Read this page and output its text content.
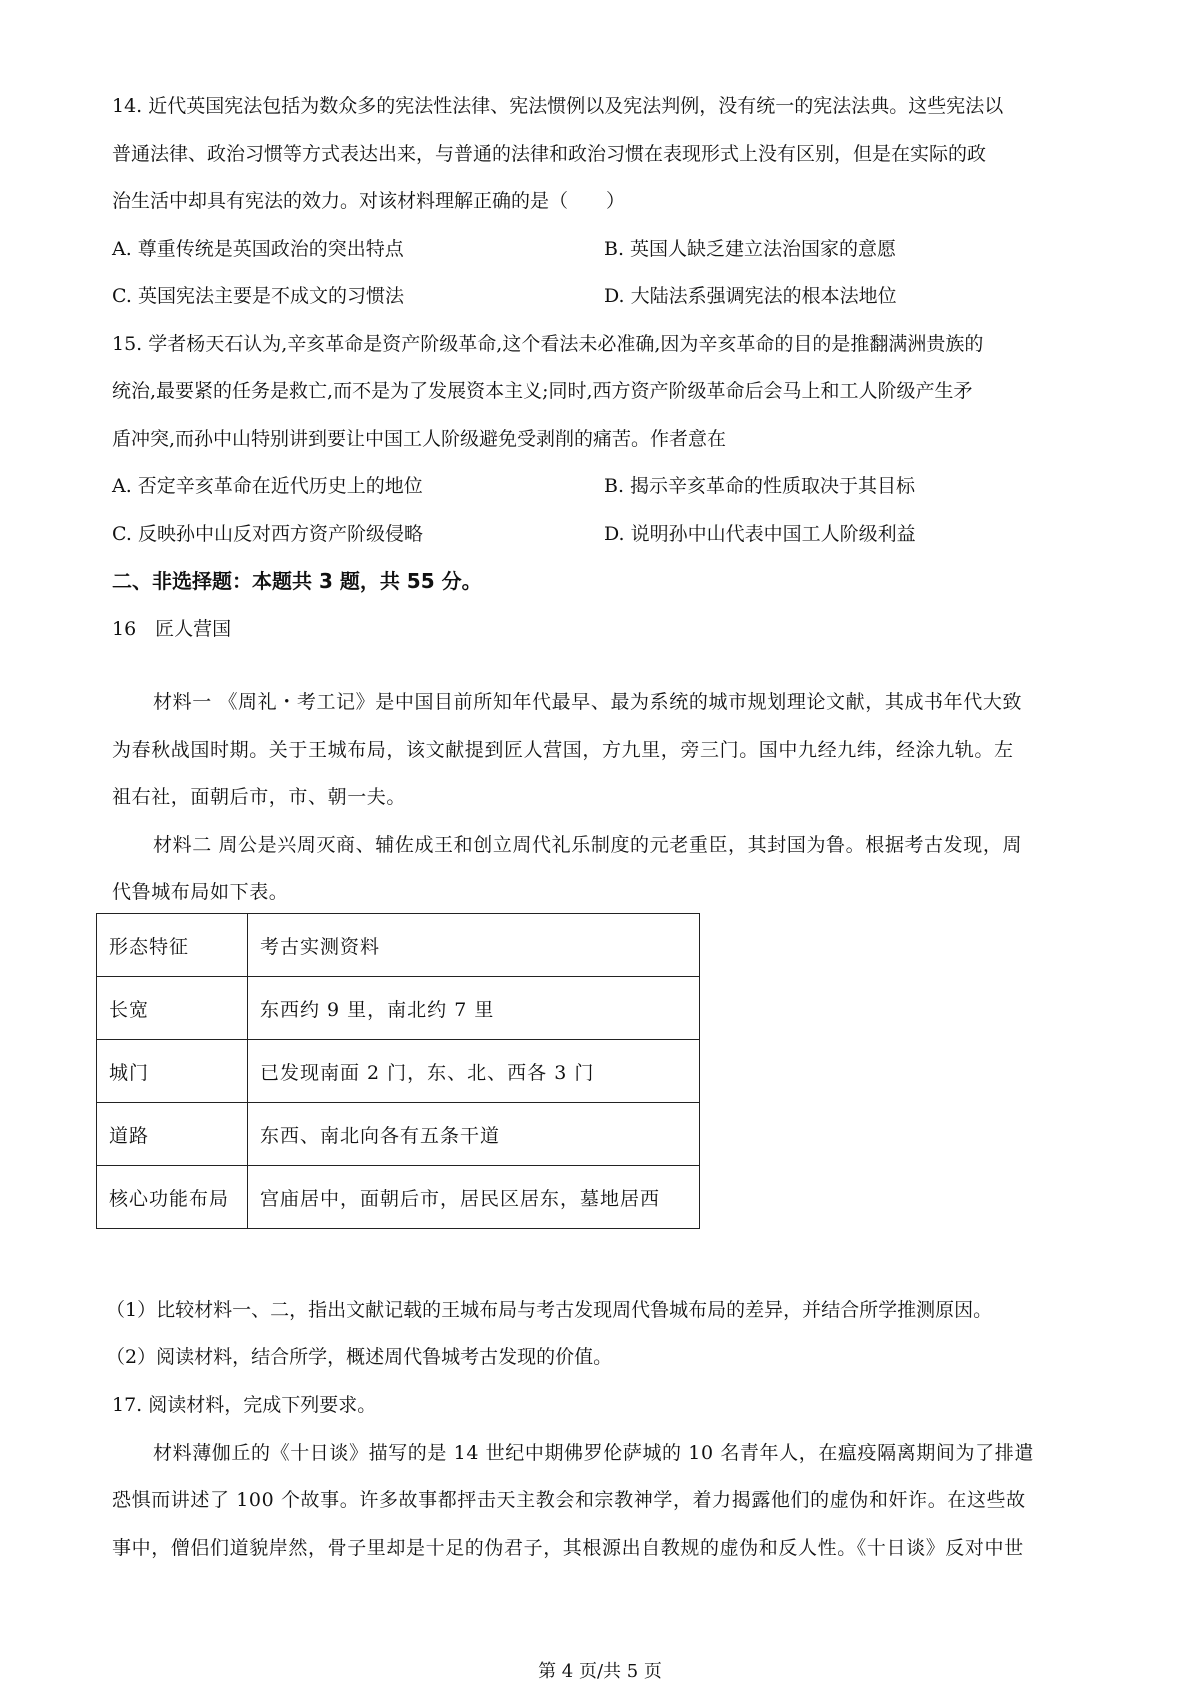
14. 近代英国宪法包括为数众多的宪法性法律、宪法惯例以及宪法判例，没有统一的宪法法典。这些宪法以
普通法律、政治习惯等方式表达出来，与普通的法律和政治习惯在表现形式上没有区别，但是在实际的政
治生活中却具有宪法的效力。对该材料理解正确的是（　　）
A. 尊重传统是英国政治的突出特点	B. 英国人缺乏建立法治国家的意愿
C. 英国宪法主要是不成文的习惯法	D. 大陆法系强调宪法的根本法地位
15. 学者杨天石认为,辛亥革命是资产阶级革命,这个看法未必准确,因为辛亥革命的目的是推翻满洲贵族的
统治,最要紧的任务是救亡,而不是为了发展资本主义;同时,西方资产阶级革命后会马上和工人阶级产生矛
盾冲突,而孙中山特别讲到要让中国工人阶级避免受剥削的痛苦。作者意在
A. 否定辛亥革命在近代历史上的地位	B. 揭示辛亥革命的性质取决于其目标
C. 反映孙中山反对西方资产阶级侵略	D. 说明孙中山代表中国工人阶级利益
二、非选择题：本题共 3 题，共 55 分。
16　匠人营国
材料一 《周礼・考工记》是中国目前所知年代最早、最为系统的城市规划理论文献，其成书年代大致
为春秋战国时期。关于王城布局，该文献提到匠人营国，方九里，旁三门。国中九经九纬，经涂九轨。左
祖右社，面朝后市，市、朝一夫。
材料二 周公是兴周灭商、辅佐成王和创立周代礼乐制度的元老重臣，其封国为鲁。根据考古发现，周
代鲁城布局如下表。
形态特征	考古实测资料
长宽	东西约 9 里，南北约 7 里
城门	已发现南面 2 门，东、北、西各 3 门
道路	东西、南北向各有五条干道
核心功能布局	宫庙居中，面朝后市，居民区居东，墓地居西
（1）比较材料一、二，指出文献记载的王城布局与考古发现周代鲁城布局的差异，并结合所学推测原因。
（2）阅读材料，结合所学，概述周代鲁城考古发现的价值。
17. 阅读材料，完成下列要求。
材料薄伽丘的《十日谈》描写的是 14 世纪中期佛罗伦萨城的 10 名青年人，在瘟疫隔离期间为了排遣
恐惧而讲述了 100 个故事。许多故事都抨击天主教会和宗教神学，着力揭露他们的虚伪和奸诈。在这些故
事中，僧侣们道貌岸然，骨子里却是十足的伪君子，其根源出自教规的虚伪和反人性。《十日谈》反对中世
第 4 页/共 5 页
